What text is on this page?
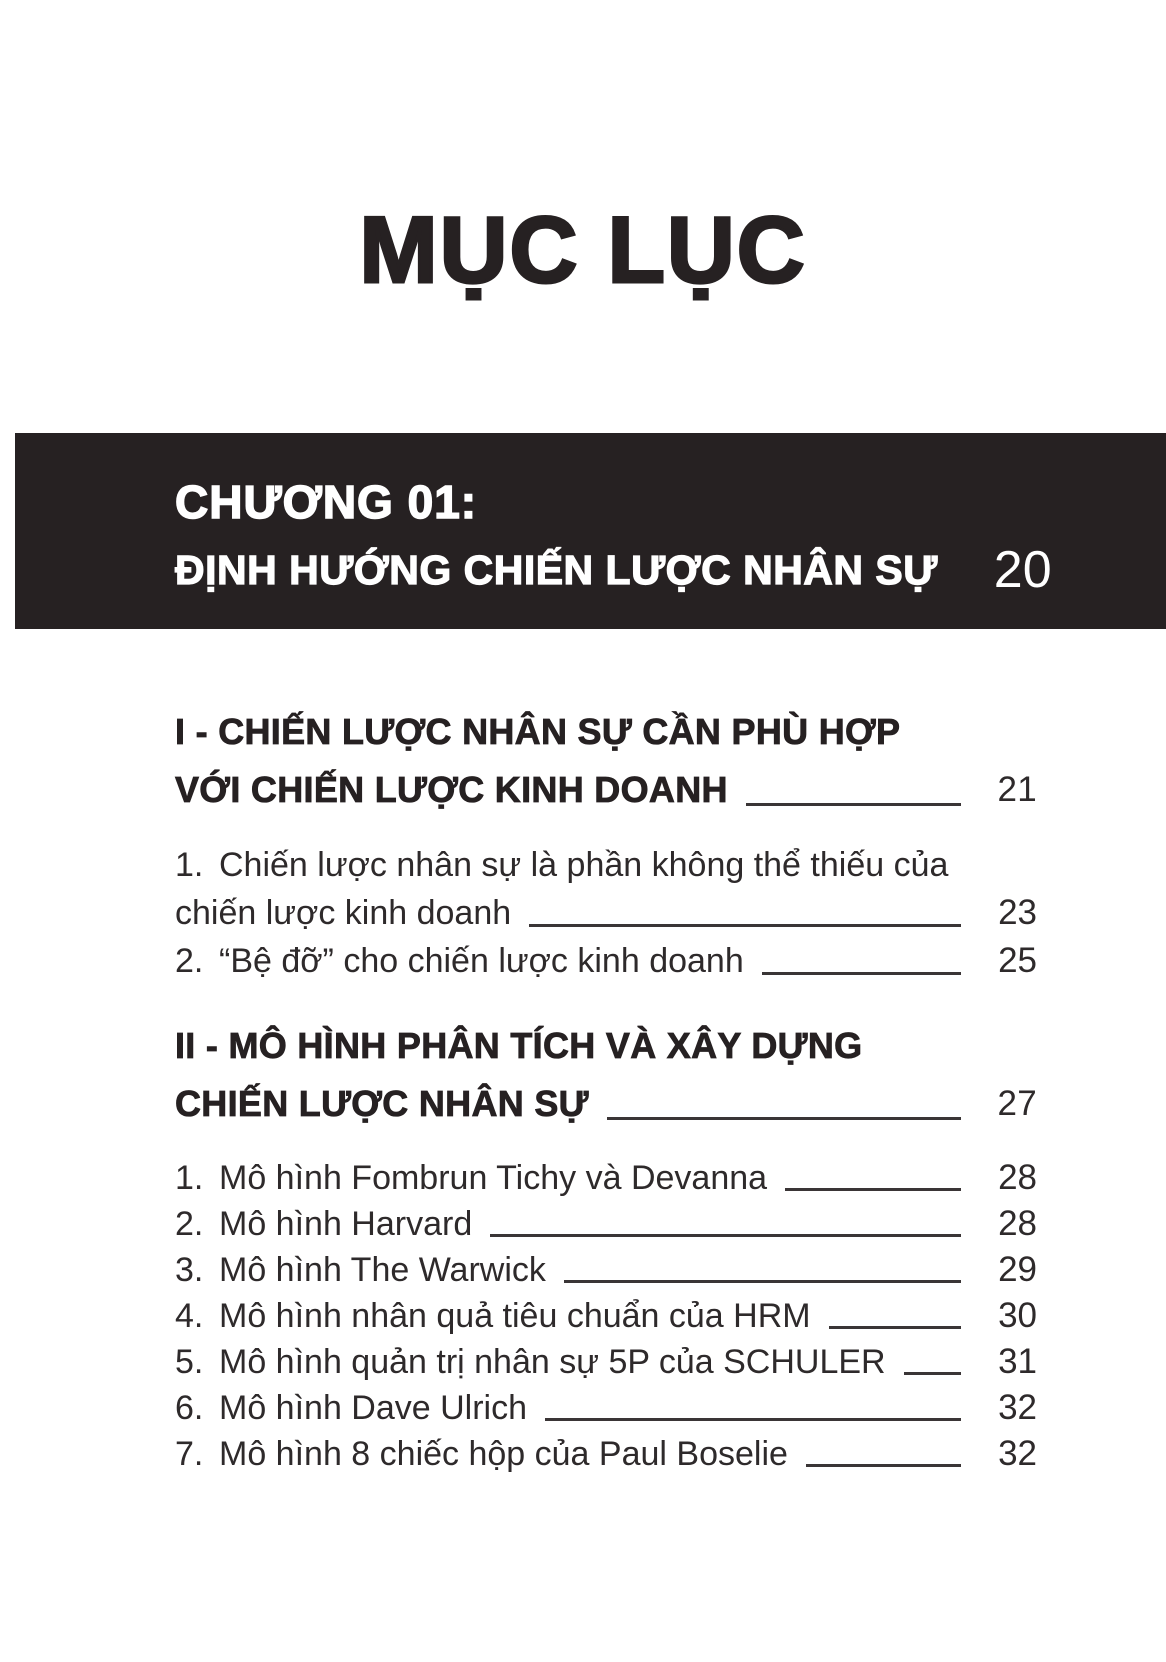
MỤC LỤC
CHƯƠNG 01:
ĐỊNH HƯỚNG CHIẾN LƯỢC NHÂN SỰ 20
I - CHIẾN LƯỢC NHÂN SỰ CẦN PHÙ HỢP
VỚI CHIẾN LƯỢC KINH DOANH	21
1. Chiến lược nhân sự là phần không thể thiếu của
chiến lược kinh doanh	23
2. “Bệ đỡ” cho chiến lược kinh doanh	25
II - MÔ HÌNH PHÂN TÍCH VÀ XÂY DỰNG
CHIẾN LƯỢC NHÂN SỰ	27
1. Mô hình Fombrun Tichy và Devanna	28
2. Mô hình Harvard	28
3. Mô hình The Warwick	29
4. Mô hình nhân quả tiêu chuẩn của HRM	30
5. Mô hình quản trị nhân sự 5P của SCHULER	31
6. Mô hình Dave Ulrich	32
7. Mô hình 8 chiếc hộp của Paul Boselie	32
